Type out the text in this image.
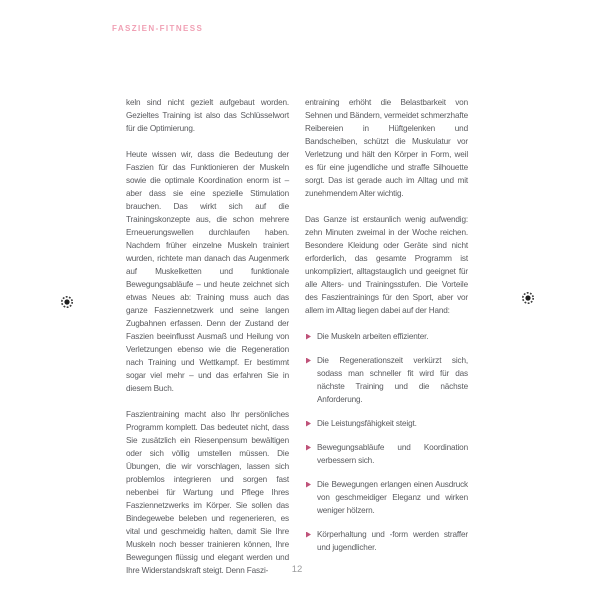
FASZIEN-FITNESS

keln sind nicht gezielt aufgebaut worden. Gezieltes Training ist also das Schlüsselwort für die Optimierung.

Heute wissen wir, dass die Bedeutung der Faszien für das Funktionieren der Muskeln sowie die optimale Koordination enorm ist – aber dass sie eine spezielle Stimulation brauchen. Das wirkt sich auf die Trainingskonzepte aus, die schon mehrere Erneuerungswellen durchlaufen haben. Nachdem früher einzelne Muskeln trainiert wurden, richtete man danach das Augenmerk auf Muskelketten und funktionale Bewegungsabläufe – und heute zeichnet sich etwas Neues ab: Training muss auch das ganze Fasziennetzwerk und seine langen Zugbahnen erfassen. Denn der Zustand der Faszien beeinflusst Ausmaß und Heilung von Verletzungen ebenso wie die Regeneration nach Training und Wettkampf. Er bestimmt sogar viel mehr – und das erfahren Sie in diesem Buch.

Faszientraining macht also Ihr persönliches Programm komplett. Das bedeutet nicht, dass Sie zusätzlich ein Riesenpensum bewältigen oder sich völlig umstellen müssen. Die Übungen, die wir vorschlagen, lassen sich problemlos integrieren und sorgen fast nebenbei für Wartung und Pflege Ihres Fasziennetzwerks im Körper. Sie sollen das Bindegewebe beleben und regenerieren, es vital und geschmeidig halten, damit Sie Ihre Muskeln noch besser trainieren können, Ihre Bewegungen flüssig und elegant werden und Ihre Widerstandskraft steigt. Denn Faszi-

entraining erhöht die Belastbarkeit von Sehnen und Bändern, vermeidet schmerzhafte Reibereien in Hüftgelenken und Bandscheiben, schützt die Muskulatur vor Verletzung und hält den Körper in Form, weil es für eine jugendliche und straffe Silhouette sorgt. Das ist gerade auch im Alltag und mit zunehmendem Alter wichtig.

Das Ganze ist erstaunlich wenig aufwendig: zehn Minuten zweimal in der Woche reichen. Besondere Kleidung oder Geräte sind nicht erforderlich, das gesamte Programm ist unkompliziert, alltagstauglich und geeignet für alle Alters- und Trainingsstufen. Die Vorteile des Faszientrainings für den Sport, aber vor allem im Alltag liegen dabei auf der Hand:

Die Muskeln arbeiten effizienter.
Die Regenerationszeit verkürzt sich, sodass man schneller fit wird für das nächste Training und die nächste Anforderung.
Die Leistungsfähigkeit steigt.
Bewegungsabläufe und Koordination verbessern sich.
Die Bewegungen erlangen einen Ausdruck von geschmeidiger Eleganz und wirken weniger hölzern.
Körperhaltung und -form werden straffer und jugendlicher.
12
